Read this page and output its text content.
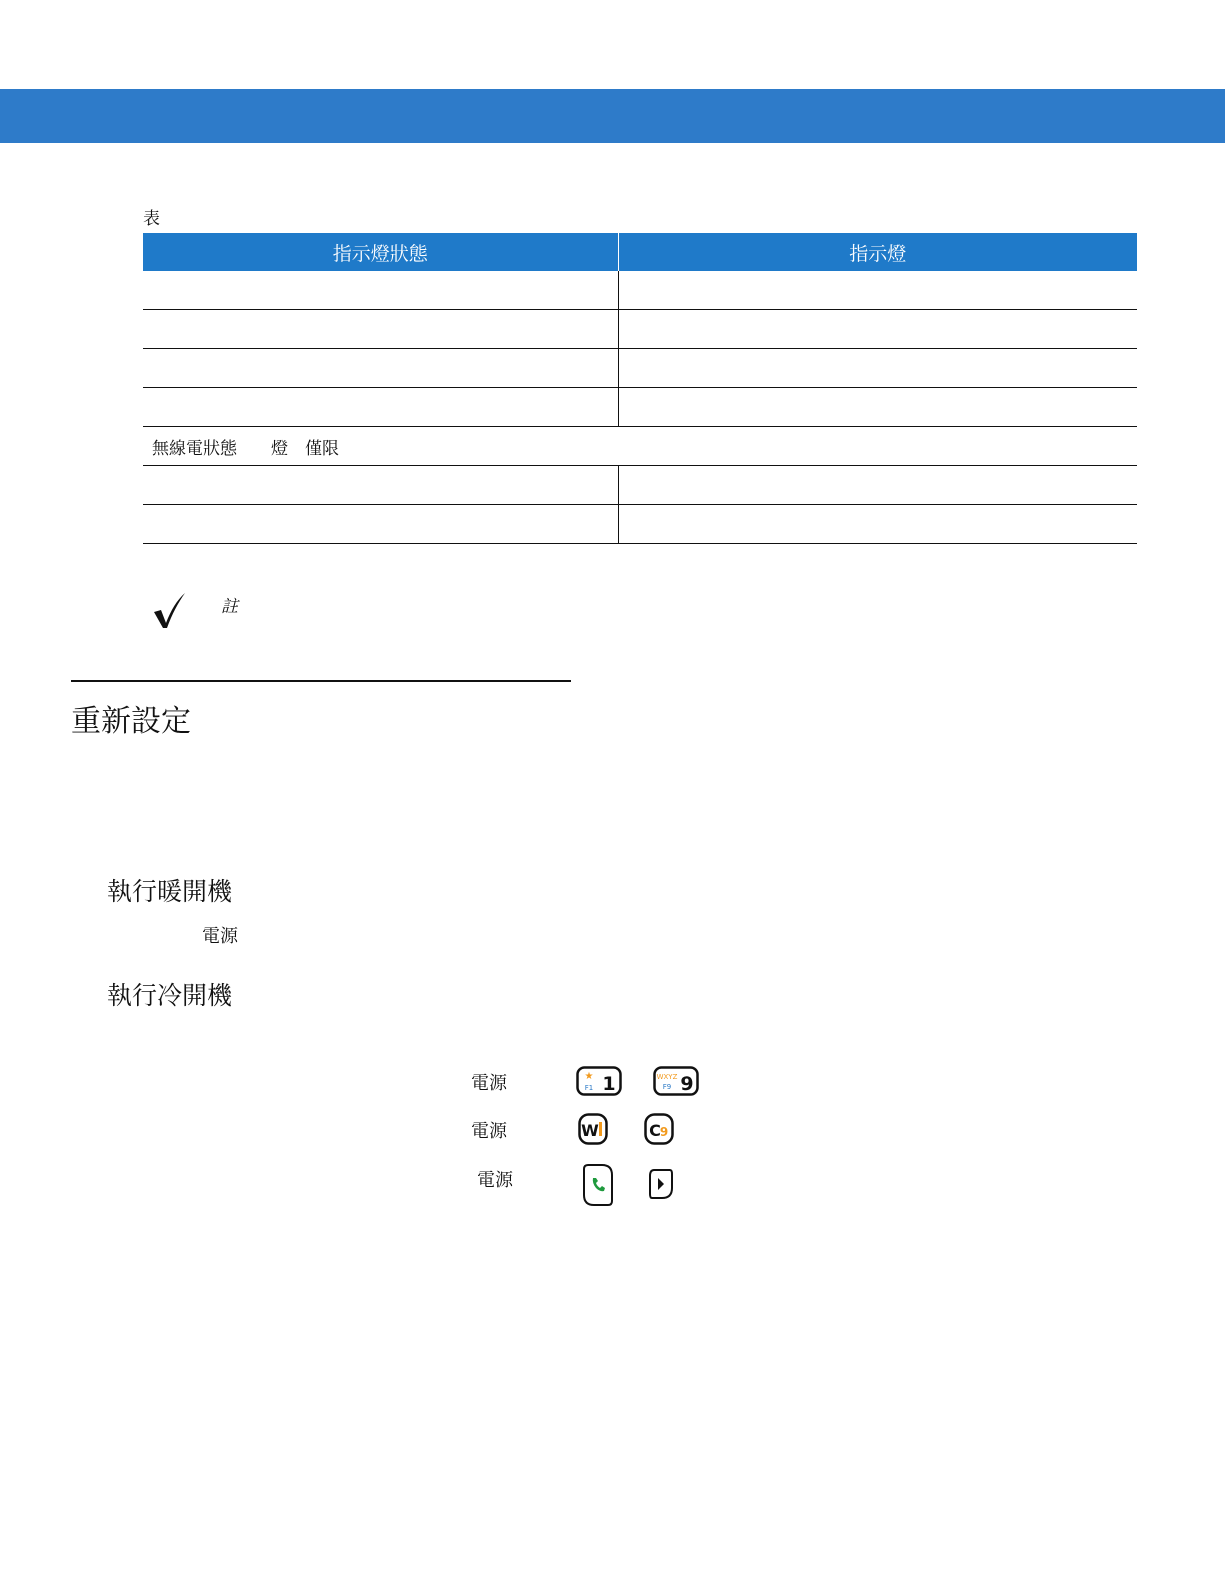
表
指示燈狀態	指示燈

無線電狀態　　燈　僅限	

註
重新設定
執行暖開機
電源
執行冷開機
電源	★
F1 1	WXYZ
F9 9
電源	W	C
9
電源
